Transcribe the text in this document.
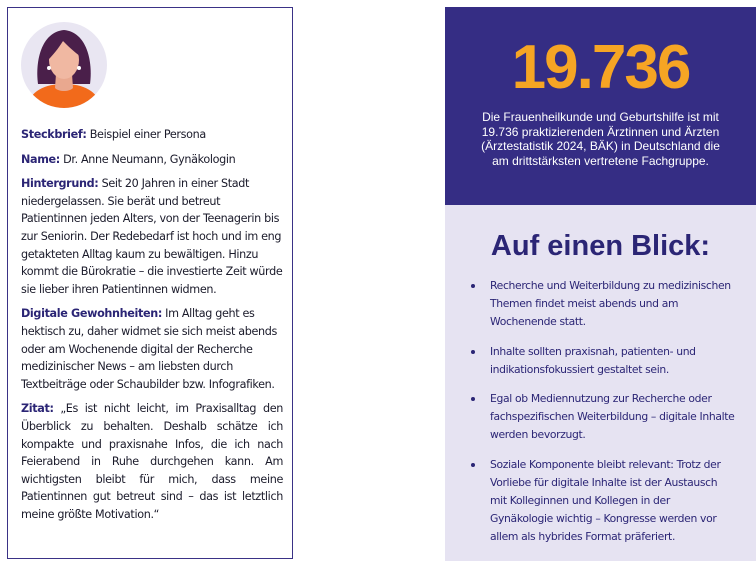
Steckbrief: Beispiel einer Persona

Name: Dr. Anne Neumann, Gynäkologin

Hintergrund: Seit 20 Jahren in einer Stadt niedergelassen. Sie berät und betreut Patientinnen jeden Alters, von der Teenagerin bis zur Seniorin. Der Redebedarf ist hoch und im eng getakteten Alltag kaum zu bewältigen. Hinzu kommt die Bürokratie – die investierte Zeit würde sie lieber ihren Patientinnen widmen.

Digitale Gewohnheiten: Im Alltag geht es hektisch zu, daher widmet sie sich meist abends oder am Wochenende digital der Recherche medizinischer News – am liebsten durch Textbeiträge oder Schaubilder bzw. Infografiken.

Zitat: „Es ist nicht leicht, im Praxisalltag den Überblick zu behalten. Deshalb schätze ich kompakte und praxisnahe Infos, die ich nach Feierabend in Ruhe durchgehen kann. Am wichtigsten bleibt für mich, dass meine Patientinnen gut betreut sind – das ist letztlich meine größte Motivation.“

19.736
Die Frauenheilkunde und Geburtshilfe ist mit 19.736 praktizierenden Ärztinnen und Ärzten (Ärztestatistik 2024, BÄK) in Deutschland die am drittstärksten vertretene Fachgruppe.
Auf einen Blick:
Recherche und Weiterbildung zu medizinischen Themen findet meist abends und am Wochenende statt.
Inhalte sollten praxisnah, patienten- und indikationsfokussiert gestaltet sein.
Egal ob Mediennutzung zur Recherche oder fachspezifischen Weiterbildung – digitale Inhalte werden bevorzugt.
Soziale Komponente bleibt relevant: Trotz der Vorliebe für digitale Inhalte ist der Austausch mit Kolleginnen und Kollegen in der Gynäkologie wichtig – Kongresse werden vor allem als hybrides Format präferiert.
